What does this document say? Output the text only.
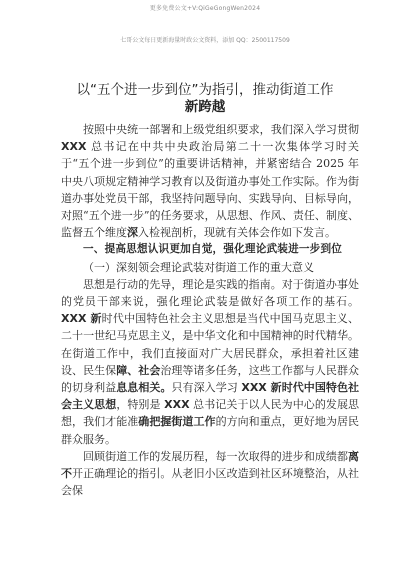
更多免费公文+V:QiGeGongWen2024
七哥公文每日更新海量时政公文资料，添加 QQ：2500117509
以“五个进一步到位”为指引，推动街道工作
新跨越

按照中央统一部署和上级党组织要求，我们深入学习贯彻 XXX 总书记在中共中央政治局第二十一次集体学习时关于“五个进一步到位”的重要讲话精神，并紧密结合 2025 年中央八项规定精神学习教育以及街道办事处工作实际。作为街道办事处党员干部，我坚持问题导向、实践导向、目标导向，对照“五个进一步”的任务要求，从思想、作风、责任、制度、监督五个维度深入检视剖析，现就有关体会作如下发言。

一、提高思想认识更加自觉，强化理论武装进一步到位

（一）深刻领会理论武装对街道工作的重大意义

思想是行动的先导，理论是实践的指南。对于街道办事处的党员干部来说，强化理论武装是做好各项工作的基石。XXX 新时代中国特色社会主义思想是当代中国马克思主义、二十一世纪马克思主义，是中华文化和中国精神的时代精华。在街道工作中，我们直接面对广大居民群众，承担着社区建设、民生保障、社会治理等诸多任务，这些工作都与人民群众的切身利益息息相关。只有深入学习 XXX 新时代中国特色社会主义思想，特别是 XXX 总书记关于以人民为中心的发展思想，我们才能准确把握街道工作的方向和重点，更好地为居民群众服务。

回顾街道工作的发展历程，每一次取得的进步和成绩都离不开正确理论的指引。从老旧小区改造到社区环境整治，从社会保
